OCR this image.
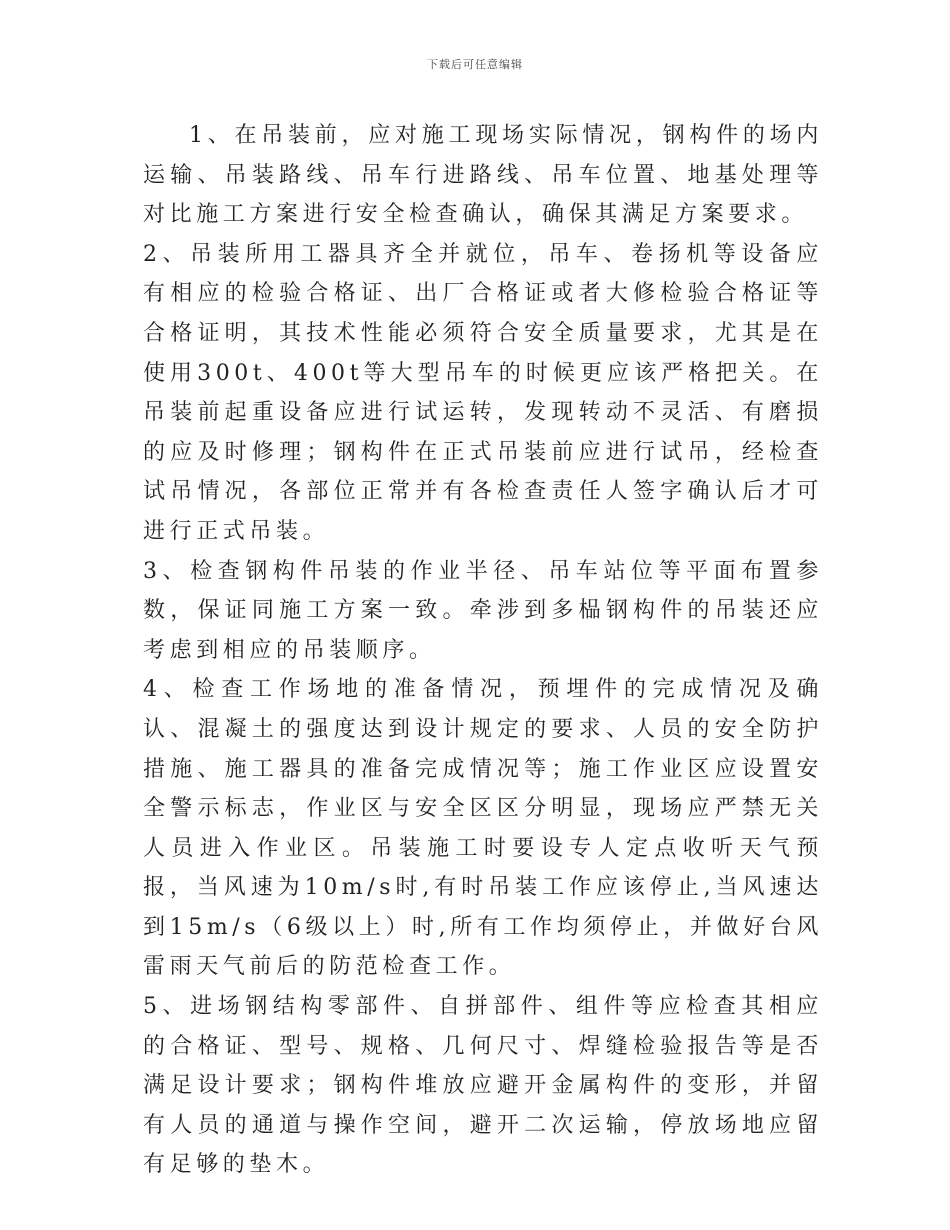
下载后可任意编辑

1、在吊装前，应对施工现场实际情况，钢构件的场内运输、吊装路线、吊车行进路线、吊车位置、地基处理等对比施工方案进行安全检查确认，确保其满足方案要求。

2、吊装所用工器具齐全并就位，吊车、卷扬机等设备应有相应的检验合格证、出厂合格证或者大修检验合格证等合格证明，其技术性能必须符合安全质量要求，尤其是在使用300t、400t等大型吊车的时候更应该严格把关。在吊装前起重设备应进行试运转，发现转动不灵活、有磨损的应及时修理；钢构件在正式吊装前应进行试吊，经检查试吊情况，各部位正常并有各检查责任人签字确认后才可进行正式吊装。

3、检查钢构件吊装的作业半径、吊车站位等平面布置参数，保证同施工方案一致。牵涉到多榀钢构件的吊装还应考虑到相应的吊装顺序。

4、检查工作场地的准备情况，预埋件的完成情况及确认、混凝土的强度达到设计规定的要求、人员的安全防护措施、施工器具的准备完成情况等；施工作业区应设置安全警示标志，作业区与安全区区分明显，现场应严禁无关人员进入作业区。吊装施工时要设专人定点收听天气预报，当风速为10m/s时,有时吊装工作应该停止,当风速达到15m/s（6级以上）时,所有工作均须停止，并做好台风雷雨天气前后的防范检查工作。

5、进场钢结构零部件、自拼部件、组件等应检查其相应的合格证、型号、规格、几何尺寸、焊缝检验报告等是否满足设计要求；钢构件堆放应避开金属构件的变形，并留有人员的通道与操作空间，避开二次运输，停放场地应留有足够的垫木。
